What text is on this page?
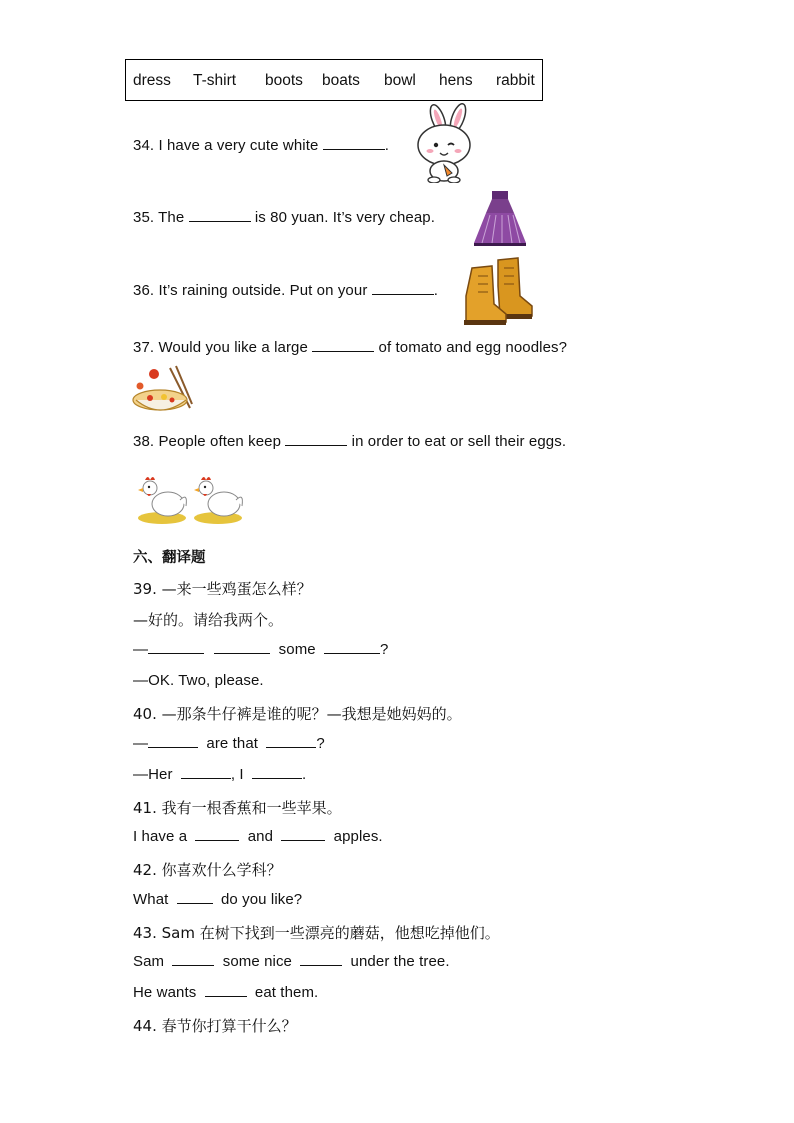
dress T-shirt boots boats bowl hens rabbit
34. I have a very cute white	.
35. The	is 80 yuan. It’s very cheap.
36. It’s raining outside. Put on your	.
37. Would you like a large	of tomato and egg noodles?
38. People often keep	in order to eat or sell their eggs.
六、翻译题
39. —来一些鸡蛋怎么样？
—好的。请给我两个。
—	some	?
—OK. Two, please.
40. —那条牛仔裤是谁的呢？—我想是她妈妈的。
—	are that	?
—Her	, I	.
41. 我有一根香蕉和一些苹果。
I have a	and	apples.
42. 你喜欢什么学科？
What	do you like?
43. Sam 在树下找到一些漂亮的蘑菇，他想吃掉他们。
Sam	some nice	under the tree.
He wants	eat them.
44. 春节你打算干什么？
